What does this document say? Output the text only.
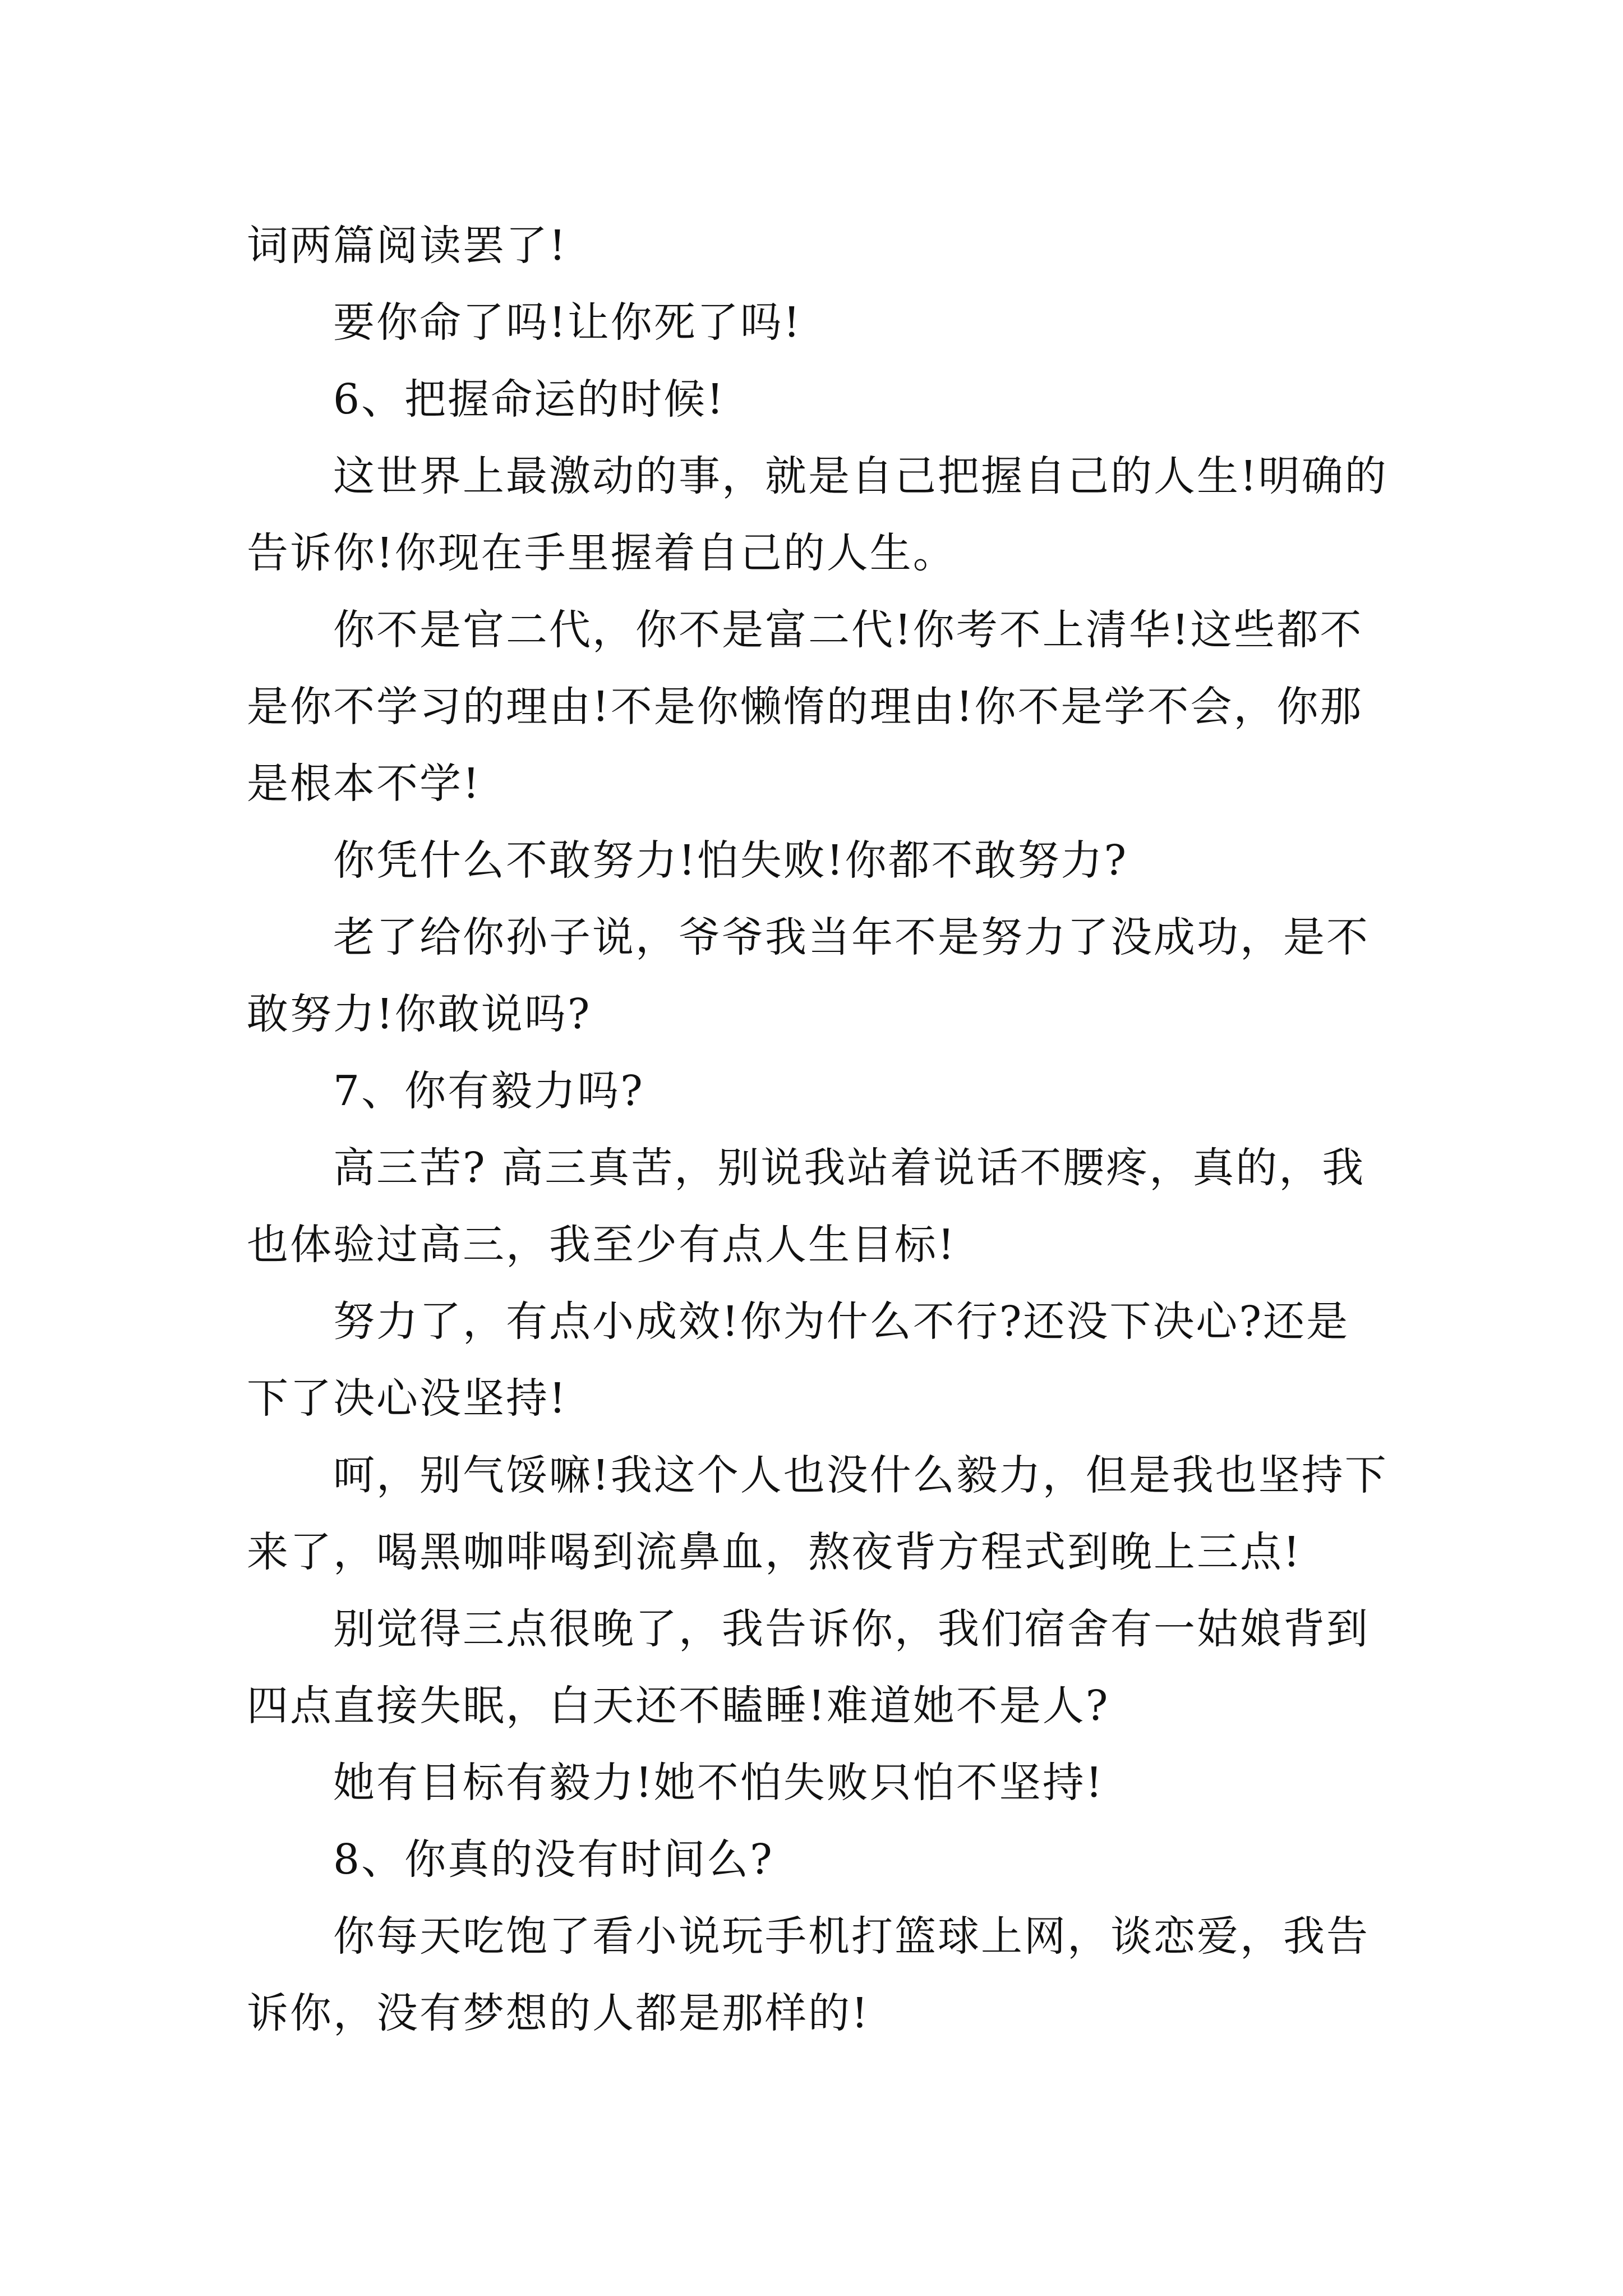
词两篇阅读罢了!

要你命了吗!让你死了吗!

6、把握命运的时候!

这世界上最激动的事，就是自己把握自己的人生!明确的告诉你!你现在手里握着自己的人生。

你不是官二代，你不是富二代!你考不上清华!这些都不是你不学习的理由!不是你懒惰的理由!你不是学不会，你那是根本不学!

你凭什么不敢努力!怕失败!你都不敢努力?

老了给你孙子说，爷爷我当年不是努力了没成功，是不敢努力!你敢说吗?

7、你有毅力吗?

高三苦? 高三真苦，别说我站着说话不腰疼，真的，我也体验过高三，我至少有点人生目标!

努力了，有点小成效!你为什么不行?还没下决心?还是下了决心没坚持!

呵，别气馁嘛!我这个人也没什么毅力，但是我也坚持下来了，喝黑咖啡喝到流鼻血，熬夜背方程式到晚上三点!

别觉得三点很晚了，我告诉你，我们宿舍有一姑娘背到四点直接失眠，白天还不瞌睡!难道她不是人?

她有目标有毅力!她不怕失败只怕不坚持!

8、你真的没有时间么?

你每天吃饱了看小说玩手机打篮球上网，谈恋爱，我告诉你，没有梦想的人都是那样的!
